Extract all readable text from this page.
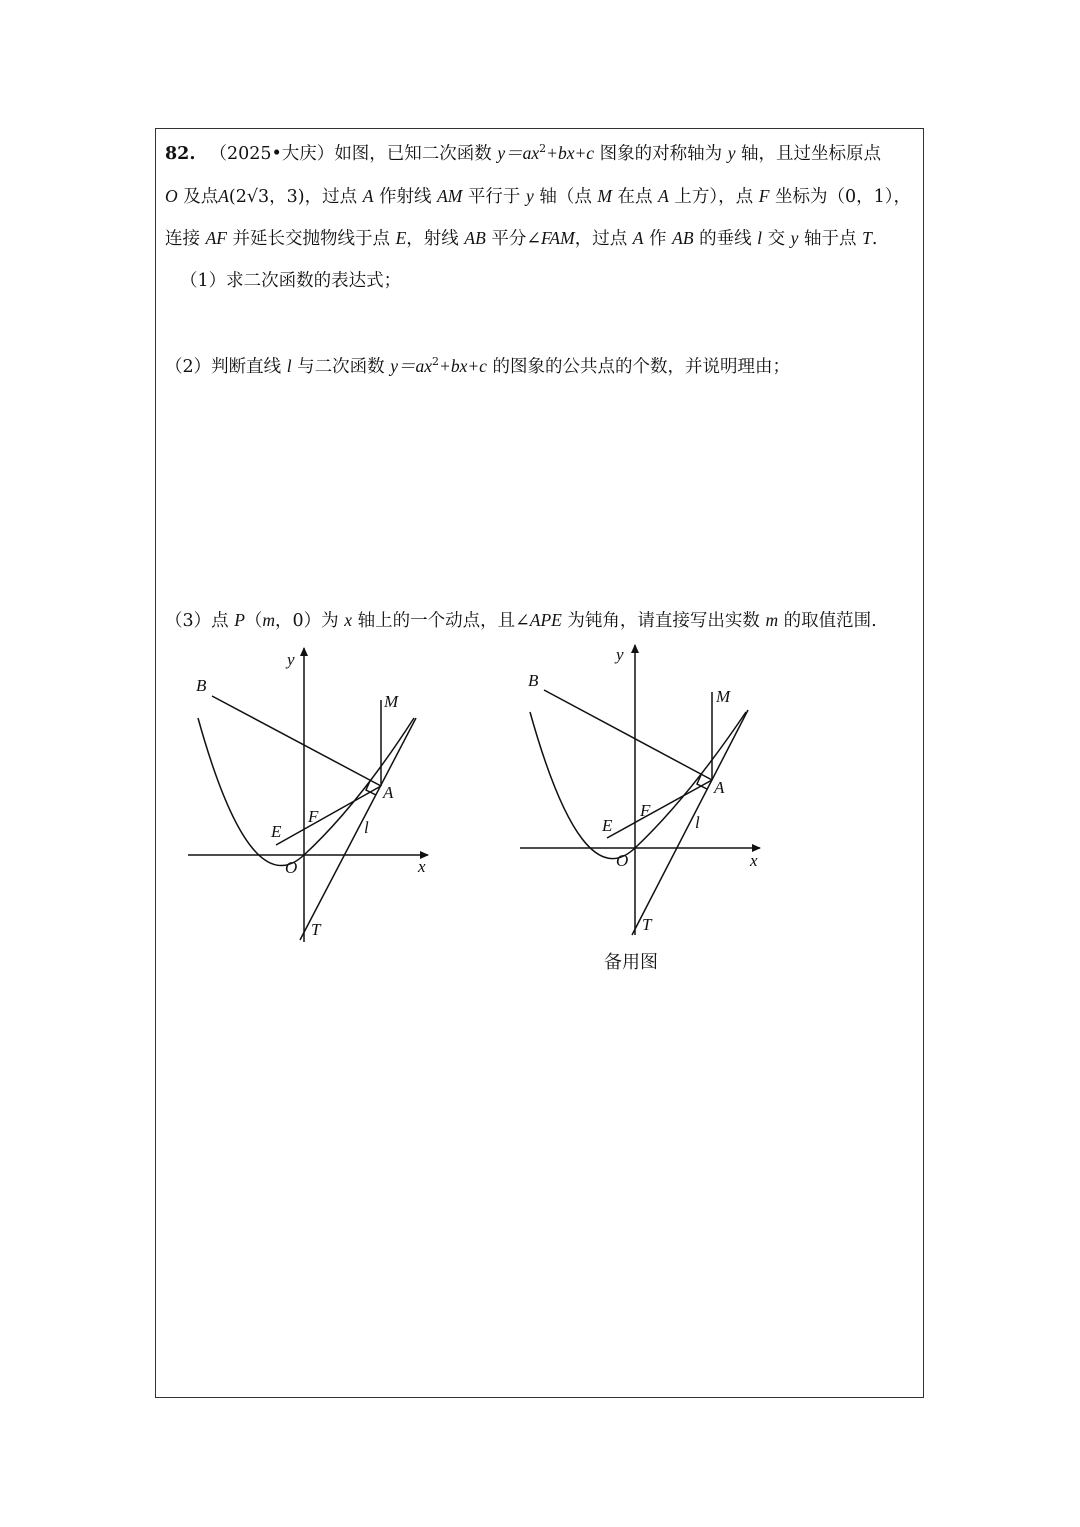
82. （2025•大庆）如图，已知二次函数 $y=ax^2+bx+c$ 图象的对称轴为 y 轴，且过坐标原点
O 及点A(2√3，3)，过点 A 作射线 AM 平行于 y 轴（点 M 在点 A 上方），点 F 坐标为（0，1），
连接 AF 并延长交抛物线于点 E，射线 AB 平分∠FAM，过点 A 作 AB 的垂线 l 交 y 轴于点 T.
（1）求二次函数的表达式；
（2）判断直线 l 与二次函数 $y=ax^2+bx+c$ 的图象的公共点的个数，并说明理由；
（3）点 P（m，0）为 x 轴上的一个动点，且∠APE 为钝角，请直接写出实数 m 的取值范围.
y
x
B
M
A
F
E	l
O
T
y
x
B
M
A
F
E	l
O
T
备用图
